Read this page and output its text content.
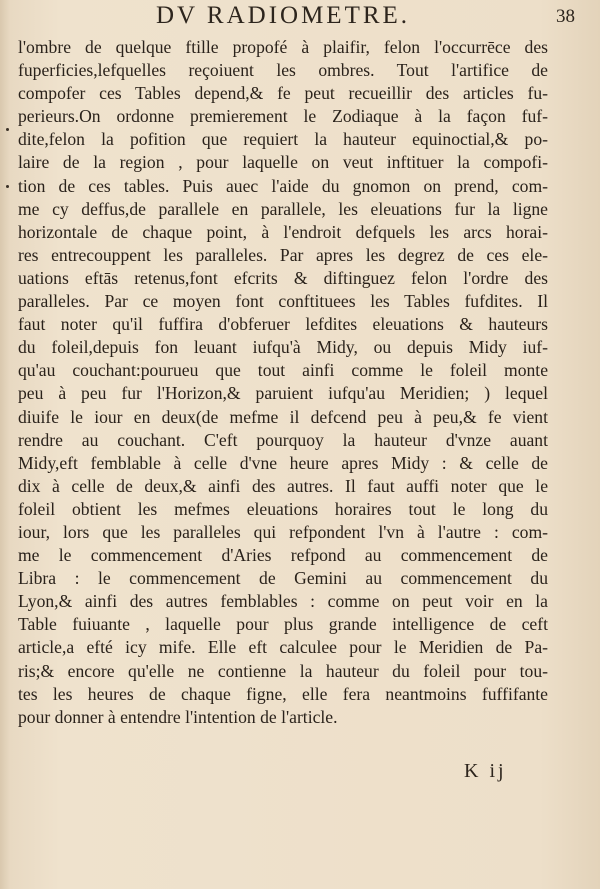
DV RADIOMETRE.	38
l'ombre de quelque ftille propofé à plaifir, felon l'occurrēce des
fuperficies,lefquelles reçoiuent les ombres. Tout l'artifice de
compofer ces Tables depend,& fe peut recueillir des articles fu-
perieurs.On ordonne premierement le Zodiaque à la façon fuf-
dite,felon la pofition que requiert la hauteur equinoctial,& po-
laire de la region , pour laquelle on veut inftituer la compofi-
tion de ces tables. Puis auec l'aide du gnomon on prend, com-
me cy deffus,de parallele en parallele, les eleuations fur la ligne
horizontale de chaque point, à l'endroit defquels les arcs horai-
res entrecouppent les paralleles. Par apres les degrez de ces ele-
uations eftās retenus,font efcrits & diftinguez felon l'ordre des
paralleles. Par ce moyen font conftituees les Tables fufdites. Il
faut noter qu'il fuffira d'obferuer lefdites eleuations & hauteurs
du foleil,depuis fon leuant iufqu'à Midy, ou depuis Midy iuf-
qu'au couchant:pourueu que tout ainfi comme le foleil monte
peu à peu fur l'Horizon,& paruient iufqu'au Meridien; ) lequel
diuife le iour en deux(de mefme il defcend peu à peu,& fe vient
rendre au couchant. C'eft pourquoy la hauteur d'vnze auant
Midy,eft femblable à celle d'vne heure apres Midy : & celle de
dix à celle de deux,& ainfi des autres. Il faut auffi noter que le
foleil obtient les mefmes eleuations horaires tout le long du
iour, lors que les paralleles qui refpondent l'vn à l'autre : com-
me le commencement d'Aries refpond au commencement de
Libra : le commencement de Gemini au commencement du
Lyon,& ainfi des autres femblables : comme on peut voir en la
Table fuiuante , laquelle pour plus grande intelligence de ceft
article,a efté icy mife. Elle eft calculee pour le Meridien de Pa-
ris;& encore qu'elle ne contienne la hauteur du foleil pour tou-
tes les heures de chaque figne, elle fera neantmoins fuffifante
pour donner à entendre l'intention de l'article.
K ij
